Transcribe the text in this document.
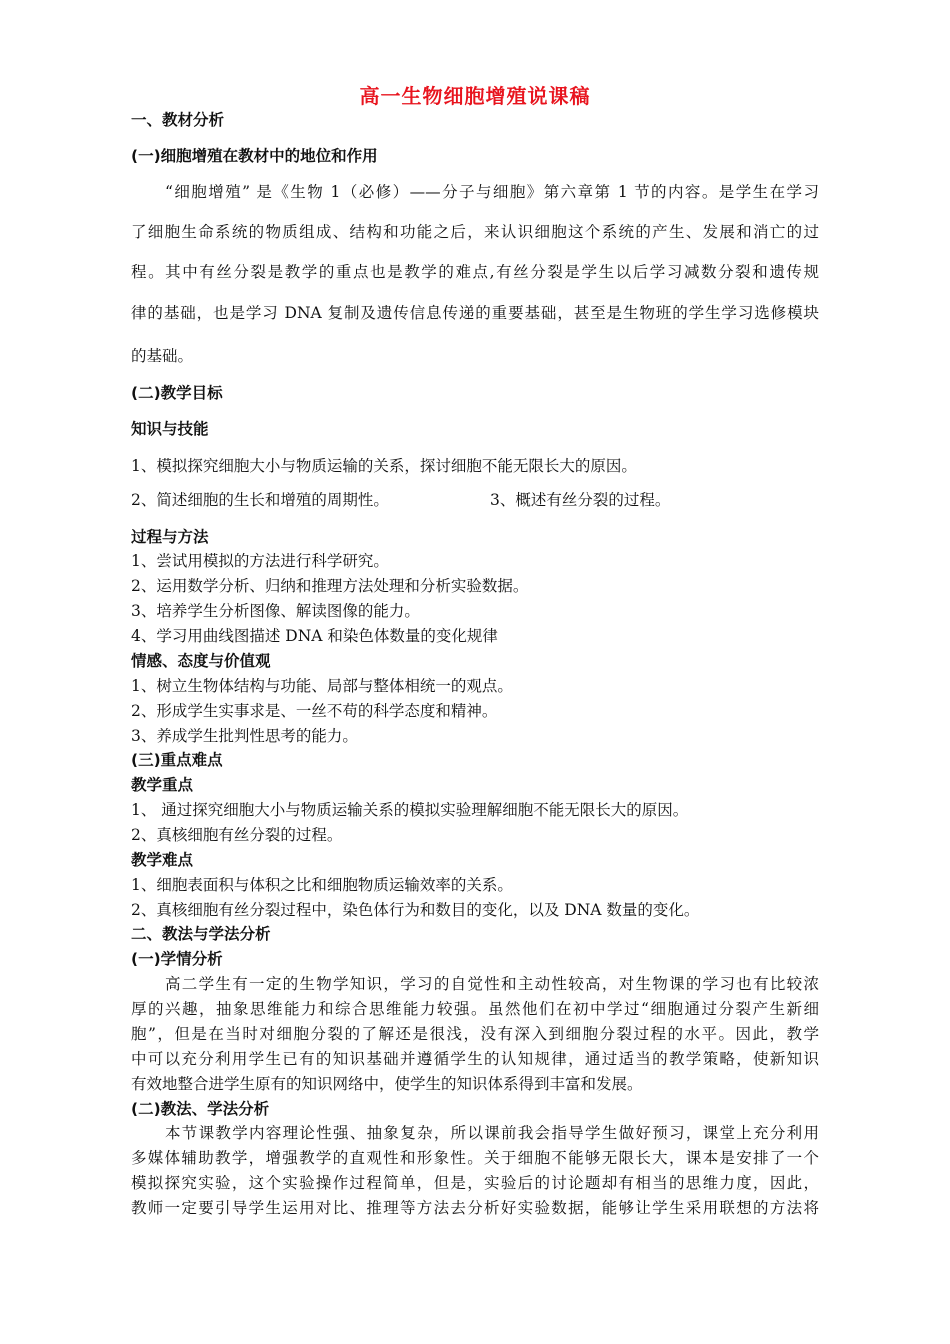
高一生物细胞增殖说课稿
一、教材分析
(一)细胞增殖在教材中的地位和作用
“细胞增殖” 是《生物 1（必修）——分子与细胞》第六章第 1 节的内容。是学生在学习
了细胞生命系统的物质组成、结构和功能之后，来认识细胞这个系统的产生、发展和消亡的过
程。其中有丝分裂是教学的重点也是教学的难点,有丝分裂是学生以后学习减数分裂和遗传规
律的基础，也是学习 DNA 复制及遗传信息传递的重要基础，甚至是生物班的学生学习选修模块
的基础。
(二)教学目标
知识与技能
1、模拟探究细胞大小与物质运输的关系，探讨细胞不能无限长大的原因。
2、简述细胞的生长和增殖的周期性。	3、概述有丝分裂的过程。
过程与方法
1、尝试用模拟的方法进行科学研究。
2、运用数学分析、归纳和推理方法处理和分析实验数据。
3、培养学生分析图像、解读图像的能力。
4、学习用曲线图描述 DNA 和染色体数量的变化规律
情感、态度与价值观
1、树立生物体结构与功能、局部与整体相统一的观点。
2、形成学生实事求是、一丝不苟的科学态度和精神。
3、养成学生批判性思考的能力。
(三)重点难点
教学重点
1、 通过探究细胞大小与物质运输关系的模拟实验理解细胞不能无限长大的原因。
2、真核细胞有丝分裂的过程。
教学难点
1、细胞表面积与体积之比和细胞物质运输效率的关系。
2、真核细胞有丝分裂过程中，染色体行为和数目的变化，以及 DNA 数量的变化。
二、教法与学法分析
(一)学情分析
高二学生有一定的生物学知识，学习的自觉性和主动性较高，对生物课的学习也有比较浓
厚的兴趣，抽象思维能力和综合思维能力较强。虽然他们在初中学过“细胞通过分裂产生新细
胞”，但是在当时对细胞分裂的了解还是很浅，没有深入到细胞分裂过程的水平。因此，教学
中可以充分利用学生已有的知识基础并遵循学生的认知规律，通过适当的教学策略，使新知识
有效地整合进学生原有的知识网络中，使学生的知识体系得到丰富和发展。
(二)教法、学法分析
本节课教学内容理论性强、抽象复杂，所以课前我会指导学生做好预习，课堂上充分利用
多媒体辅助教学，增强教学的直观性和形象性。关于细胞不能够无限长大，课本是安排了一个
模拟探究实验，这个实验操作过程简单，但是，实验后的讨论题却有相当的思维力度，因此，
教师一定要引导学生运用对比、推理等方法去分析好实验数据，能够让学生采用联想的方法将
